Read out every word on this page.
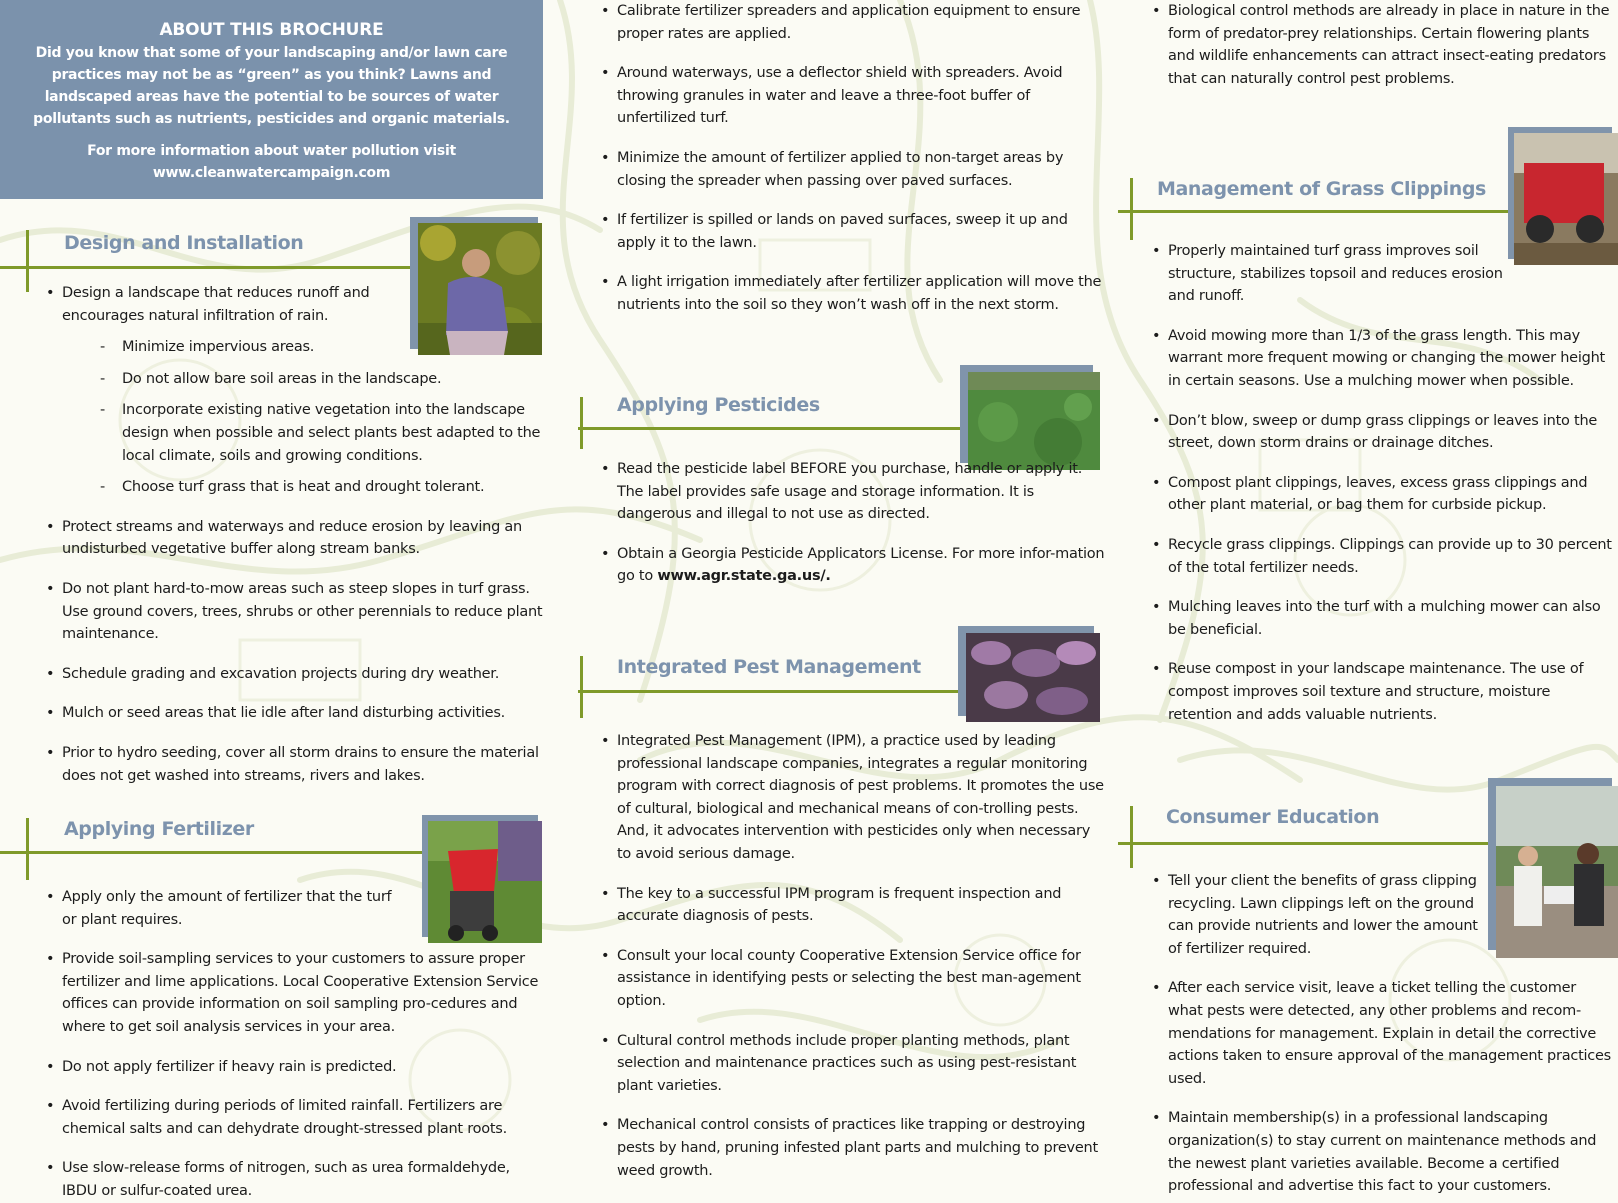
ABOUT THIS BROCHURE

Did you know that some of your landscaping and/or lawn care practices may not be as “green” as you think? Lawns and landscaped areas have the potential to be sources of water pollutants such as nutrients, pesticides and organic materials.

For more information about water pollution visit
www.cleanwatercampaign.com

Design and Installation
• Design a landscape that reduces runoff and encourages natural infiltration of rain.
- Minimize impervious areas.
- Do not allow bare soil areas in the landscape.
- Incorporate existing native vegetation into the landscape design when possible and select plants best adapted to the local climate, soils and growing conditions.
- Choose turf grass that is heat and drought tolerant.
• Protect streams and waterways and reduce erosion by leaving an undisturbed vegetative buffer along stream banks.
• Do not plant hard-to-mow areas such as steep slopes in turf grass. Use ground covers, trees, shrubs or other perennials to reduce plant maintenance.
• Schedule grading and excavation projects during dry weather.
• Mulch or seed areas that lie idle after land disturbing activities.
• Prior to hydro seeding, cover all storm drains to ensure the material does not get washed into streams, rivers and lakes.
Applying Fertilizer
• Apply only the amount of fertilizer that the turf or plant requires.
• Provide soil-sampling services to your customers to assure proper fertilizer and lime applications. Local Cooperative Extension Service offices can provide information on soil sampling pro-cedures and where to get soil analysis services in your area.
• Do not apply fertilizer if heavy rain is predicted.
• Avoid fertilizing during periods of limited rainfall. Fertilizers are chemical salts and can dehydrate drought-stressed plant roots.
• Use slow-release forms of nitrogen, such as urea formaldehyde, IBDU or sulfur-coated urea.
• Calibrate fertilizer spreaders and application equipment to ensure proper rates are applied.
• Around waterways, use a deflector shield with spreaders. Avoid throwing granules in water and leave a three-foot buffer of unfertilized turf.
• Minimize the amount of fertilizer applied to non-target areas by closing the spreader when passing over paved surfaces.
• If fertilizer is spilled or lands on paved surfaces, sweep it up and apply it to the lawn.
• A light irrigation immediately after fertilizer application will move the nutrients into the soil so they won’t wash off in the next storm.
Applying Pesticides
• Read the pesticide label BEFORE you purchase, handle or apply it. The label provides safe usage and storage information. It is dangerous and illegal to not use as directed.
• Obtain a Georgia Pesticide Applicators License. For more infor-mation go to www.agr.state.ga.us/.
Integrated Pest Management
• Integrated Pest Management (IPM), a practice used by leading professional landscape companies, integrates a regular monitoring program with correct diagnosis of pest problems. It promotes the use of cultural, biological and mechanical means of con-trolling pests. And, it advocates intervention with pesticides only when necessary to avoid serious damage.
• The key to a successful IPM program is frequent inspection and accurate diagnosis of pests.
• Consult your local county Cooperative Extension Service office for assistance in identifying pests or selecting the best man-agement option.
• Cultural control methods include proper planting methods, plant selection and maintenance practices such as using pest-resistant plant varieties.
• Mechanical control consists of practices like trapping or destroying pests by hand, pruning infested plant parts and mulching to prevent weed growth.
• Biological control methods are already in place in nature in the form of predator-prey relationships. Certain flowering plants and wildlife enhancements can attract insect-eating predators that can naturally control pest problems.
Management of Grass Clippings
• Properly maintained turf grass improves soil structure, stabilizes topsoil and reduces erosion and runoff.
• Avoid mowing more than 1/3 of the grass length. This may warrant more frequent mowing or changing the mower height in certain seasons. Use a mulching mower when possible.
• Don’t blow, sweep or dump grass clippings or leaves into the street, down storm drains or drainage ditches.
• Compost plant clippings, leaves, excess grass clippings and other plant material, or bag them for curbside pickup.
• Recycle grass clippings. Clippings can provide up to 30 percent of the total fertilizer needs.
• Mulching leaves into the turf with a mulching mower can also be beneficial.
• Reuse compost in your landscape maintenance. The use of compost improves soil texture and structure, moisture retention and adds valuable nutrients.
Consumer Education
• Tell your client the benefits of grass clipping recycling. Lawn clippings left on the ground can provide nutrients and lower the amount of fertilizer required.
• After each service visit, leave a ticket telling the customer what pests were detected, any other problems and recom-mendations for management. Explain in detail the corrective actions taken to ensure approval of the management practices used.
• Maintain membership(s) in a professional landscaping organization(s) to stay current on maintenance methods and the newest plant varieties available. Become a certified professional and advertise this fact to your customers.
